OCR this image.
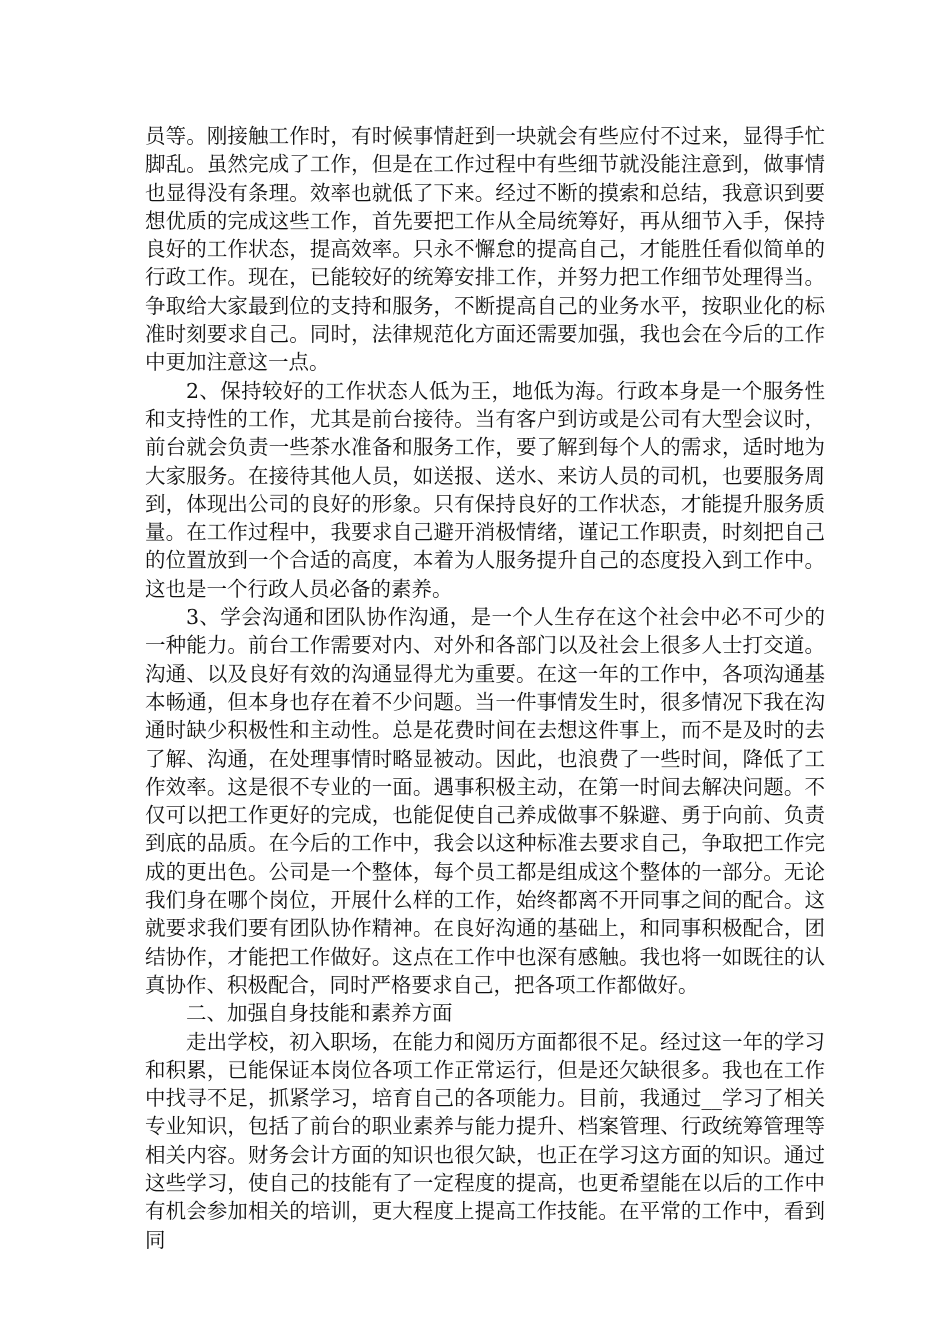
员等。刚接触工作时，有时候事情赶到一块就会有些应付不过来，显得手忙脚乱。虽然完成了工作，但是在工作过程中有些细节就没能注意到，做事情也显得没有条理。效率也就低了下来。经过不断的摸索和总结，我意识到要想优质的完成这些工作，首先要把工作从全局统筹好，再从细节入手，保持良好的工作状态，提高效率。只永不懈怠的提高自己，才能胜任看似简单的行政工作。现在，已能较好的统筹安排工作，并努力把工作细节处理得当。争取给大家最到位的支持和服务，不断提高自己的业务水平，按职业化的标准时刻要求自己。同时，法律规范化方面还需要加强，我也会在今后的工作中更加注意这一点。

2、保持较好的工作状态人低为王，地低为海。行政本身是一个服务性和支持性的工作，尤其是前台接待。当有客户到访或是公司有大型会议时，前台就会负责一些茶水准备和服务工作，要了解到每个人的需求，适时地为大家服务。在接待其他人员，如送报、送水、来访人员的司机，也要服务周到，体现出公司的良好的形象。只有保持良好的工作状态，才能提升服务质量。在工作过程中，我要求自己避开消极情绪，谨记工作职责，时刻把自己的位置放到一个合适的高度，本着为人服务提升自己的态度投入到工作中。这也是一个行政人员必备的素养。

3、学会沟通和团队协作沟通，是一个人生存在这个社会中必不可少的一种能力。前台工作需要对内、对外和各部门以及社会上很多人士打交道。沟通、以及良好有效的沟通显得尤为重要。在这一年的工作中，各项沟通基本畅通，但本身也存在着不少问题。当一件事情发生时，很多情况下我在沟通时缺少积极性和主动性。总是花费时间在去想这件事上，而不是及时的去了解、沟通，在处理事情时略显被动。因此，也浪费了一些时间，降低了工作效率。这是很不专业的一面。遇事积极主动，在第一时间去解决问题。不仅可以把工作更好的完成，也能促使自己养成做事不躲避、勇于向前、负责到底的品质。在今后的工作中，我会以这种标准去要求自己，争取把工作完成的更出色。公司是一个整体，每个员工都是组成这个整体的一部分。无论我们身在哪个岗位，开展什么样的工作，始终都离不开同事之间的配合。这就要求我们要有团队协作精神。在良好沟通的基础上，和同事积极配合，团结协作，才能把工作做好。这点在工作中也深有感触。我也将一如既往的认真协作、积极配合，同时严格要求自己，把各项工作都做好。

二、加强自身技能和素养方面

走出学校，初入职场，在能力和阅历方面都很不足。经过这一年的学习和积累，已能保证本岗位各项工作正常运行，但是还欠缺很多。我也在工作中找寻不足，抓紧学习，培育自己的各项能力。目前，我通过__学习了相关专业知识，包括了前台的职业素养与能力提升、档案管理、行政统筹管理等相关内容。财务会计方面的知识也很欠缺，也正在学习这方面的知识。通过这些学习，使自己的技能有了一定程度的提高，也更希望能在以后的工作中有机会参加相关的培训，更大程度上提高工作技能。在平常的工作中，看到同
